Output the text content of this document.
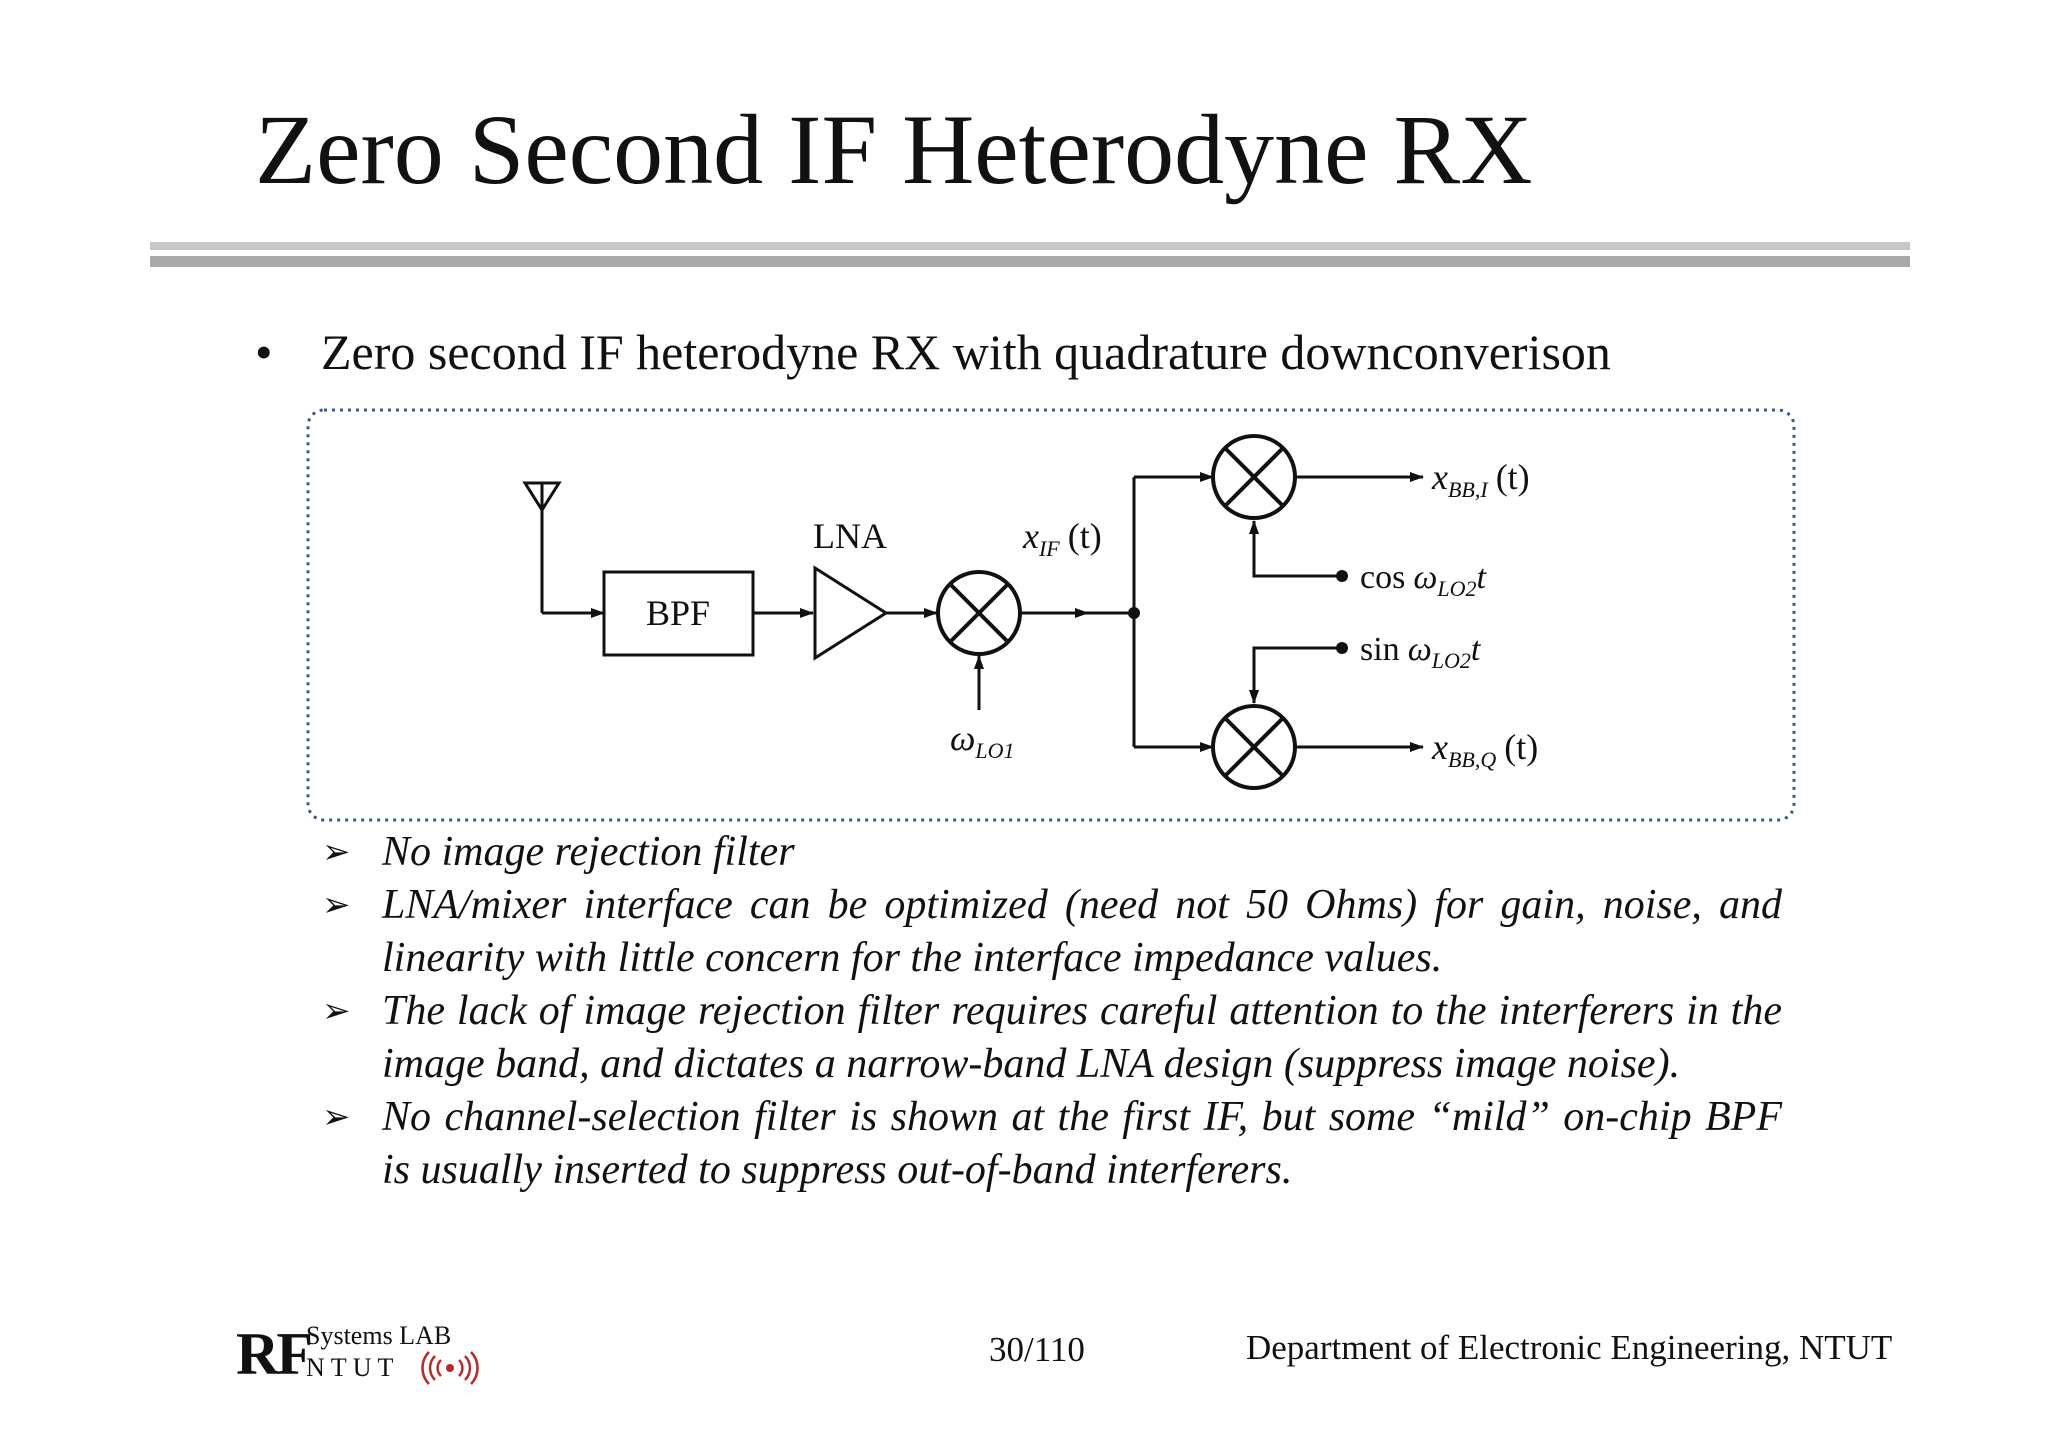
Zero Second IF Heterodyne RX
• Zero second IF heterodyne RX with quadrature downconverison
BPF
LNA
$\omega_{LO1}$
$x_{IF}$ (t)
$x_{BB,I}$ (t)
$\cos \omega_{LO2}t$
$\sin \omega_{LO2}t$
$x_{BB,Q}$ (t)
➢ No image rejection filter
➢ LNA/mixer interface can be optimized (need not 50 Ohms) for gain, noise, and linearity with little concern for the interface impedance values.
➢ The lack of image rejection filter requires careful attention to the interferers in the image band, and dictates a narrow-band LNA design (suppress image noise).
➢ No channel-selection filter is shown at the first IF, but some “mild” on-chip BPF is usually inserted to suppress out-of-band interferers.
RF
Systems LAB
N T U T	30/110	Department of Electronic Engineering, NTUT
